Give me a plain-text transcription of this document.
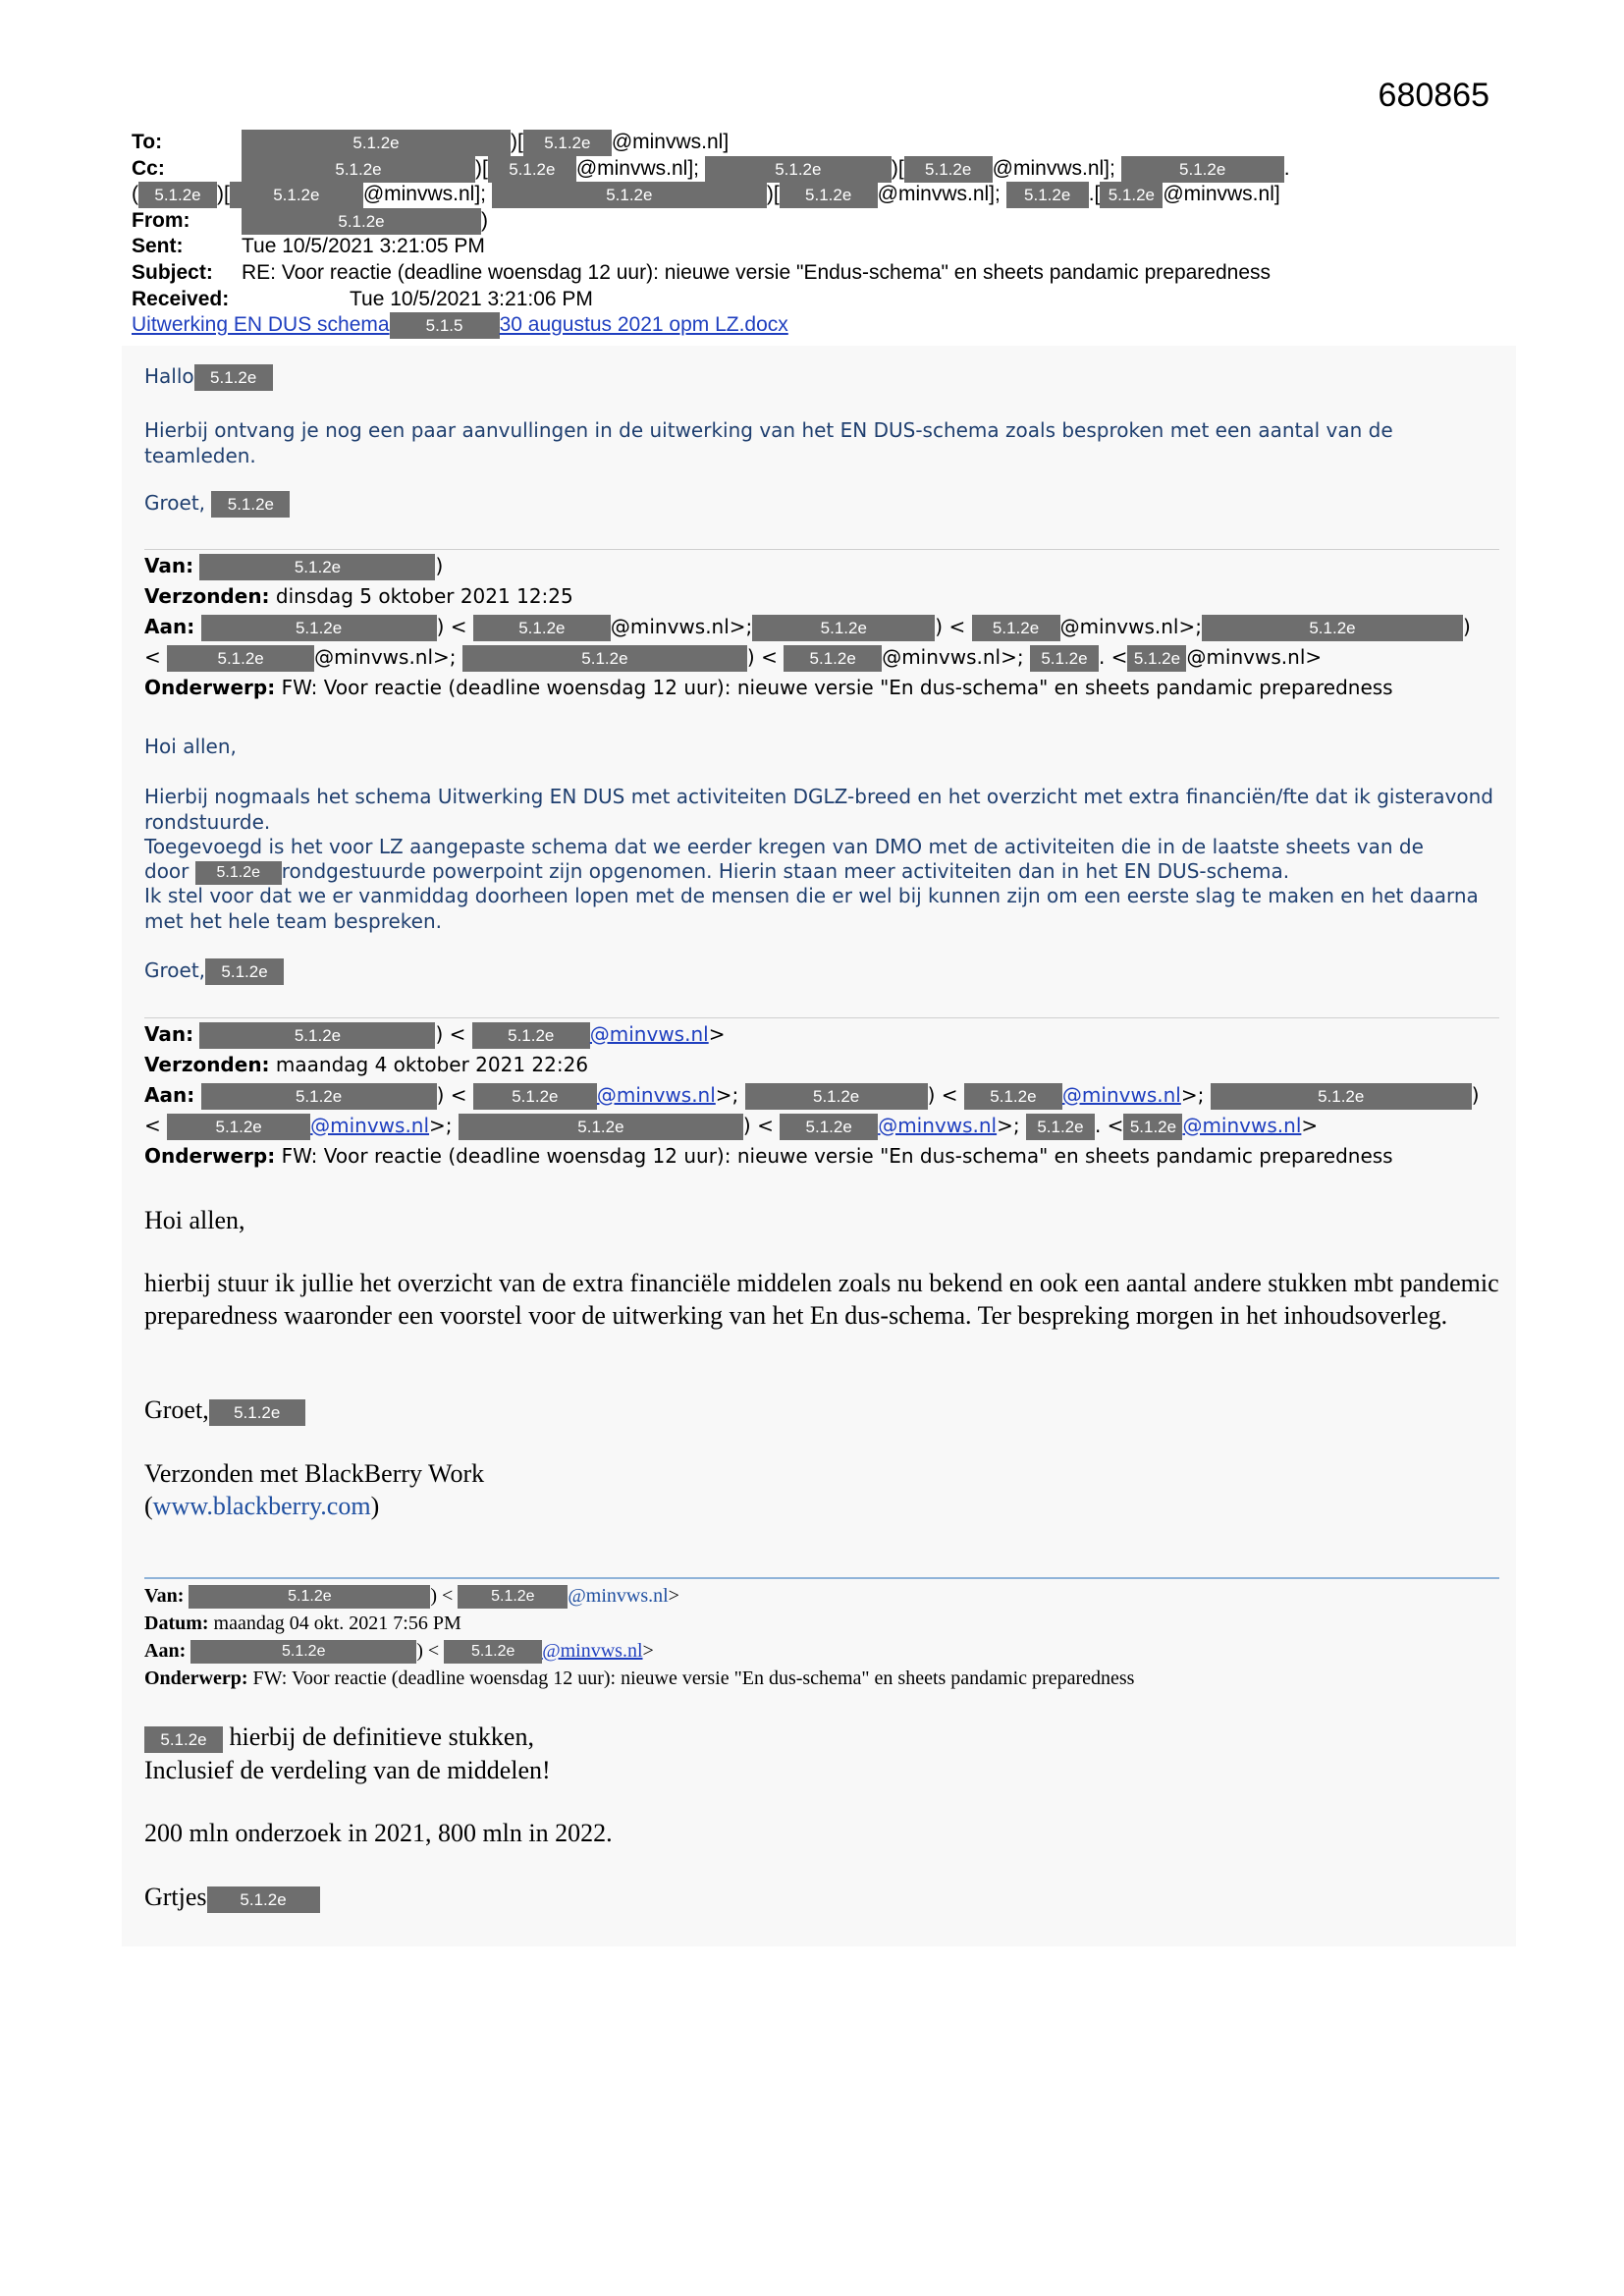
680865
To:	5.1.2e	)[ 5.1.2e @minvws.nl]
Cc:	5.1.2e	)[ 5.1.2e @minvws.nl];	5.1.2e	)[ 5.1.2e @minvws.nl];	5.1.2e	.
( 5.1.2e )[	5.1.2e @minvws.nl];	5.1.2e	)[ 5.1.2e @minvws.nl]; 5.1.2e .[ 5.1.2e @minvws.nl]
From:	5.1.2e	)
Sent:	Tue 10/5/2021 3:21:05 PM
Subject: RE: Voor reactie (deadline woensdag 12 uur): nieuwe versie "Endus-schema" en sheets pandamic preparedness
Received:	Tue 10/5/2021 3:21:06 PM
Uitwerking EN DUS schema 5.1.5 30 augustus 2021 opm LZ.docx
Hallo 5.1.2e
Hierbij ontvang je nog een paar aanvullingen in de uitwerking van het EN DUS-schema zoals besproken met een aantal van de teamleden.
Groet, 5.1.2e
Van:	5.1.2e	)
Verzonden: dinsdag 5 oktober 2021 12:25
Aan:	5.1.2e	) <	5.1.2e @minvws.nl>;	5.1.2e	) < 5.1.2e @minvws.nl>;	5.1.2e	)
<	5.1.2e	@minvws.nl>;	5.1.2e	) < 5.1.2e @minvws.nl>; 5.1.2e . < 5.1.2e @minvws.nl>
Onderwerp: FW: Voor reactie (deadline woensdag 12 uur): nieuwe versie "En dus-schema" en sheets pandamic preparedness
Hoi allen,
Hierbij nogmaals het schema Uitwerking EN DUS met activiteiten DGLZ-breed en het overzicht met extra financiën/fte dat ik gisteravond rondstuurde.
Toegevoegd is het voor LZ aangepaste schema dat we eerder kregen van DMO met de activiteiten die in de laatste sheets van de
door 5.1.2e rondgestuurde powerpoint zijn opgenomen. Hierin staan meer activiteiten dan in het EN DUS-schema.
Ik stel voor dat we er vanmiddag doorheen lopen met de mensen die er wel bij kunnen zijn om een eerste slag te maken en het daarna met het hele team bespreken.
Groet, 5.1.2e
Van:	5.1.2e	) < 5.1.2e @minvws.nl>
Verzonden: maandag 4 oktober 2021 22:26
Aan:	5.1.2e	) < 5.1.2e @minvws.nl>;	5.1.2e	) < 5.1.2e @minvws.nl>;	5.1.2e	)
<	5.1.2e @minvws.nl>;	5.1.2e	) < 5.1.2e @minvws.nl>; 5.1.2e . < 5.1.2e @minvws.nl>
Onderwerp: FW: Voor reactie (deadline woensdag 12 uur): nieuwe versie "En dus-schema" en sheets pandamic preparedness
Hoi allen,
hierbij stuur ik jullie het overzicht van de extra financiële middelen zoals nu bekend en ook een aantal andere stukken mbt pandemic preparedness waaronder een voorstel voor de uitwerking van het En dus-schema. Ter bespreking morgen in het inhoudsoverleg.
Groet, 5.1.2e
Verzonden met BlackBerry Work
(www.blackberry.com)
Van:	5.1.2e	) < 5.1.2e @minvws.nl>
Datum: maandag 04 okt. 2021 7:56 PM
Aan:	5.1.2e	) < 5.1.2e @minvws.nl>
Onderwerp: FW: Voor reactie (deadline woensdag 12 uur): nieuwe versie "En dus-schema" en sheets pandamic preparedness
5.1.2e hierbij de definitieve stukken,
Inclusief de verdeling van de middelen!
200 mln onderzoek in 2021, 800 mln in 2022.
Grtjes 5.1.2e
